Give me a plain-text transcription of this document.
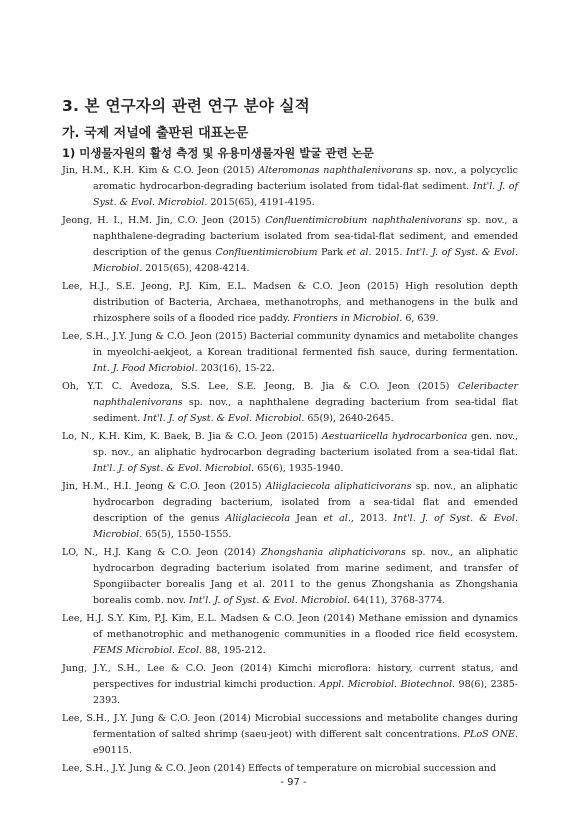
3. 본 연구자의 관련 연구 분야 실적
가. 국제 저널에 출판된 대표논문
1) 미생물자원의 활성 측정 및 유용미생물자원 발굴 관련 논문

Jin, H.M., K.H. Kim & C.O. Jeon (2015) Alteromonas naphthalenivorans sp. nov., a polycyclic aromatic hydrocarbon-degrading bacterium isolated from tidal-flat sediment. Int'l. J. of Syst. & Evol. Microbiol. 2015(65), 4191-4195.

Jeong, H. I., H.M. Jin, C.O. Jeon (2015) Confluentimicrobium naphthalenivorans sp. nov., a naphthalene-degrading bacterium isolated from sea-tidal-flat sediment, and emended description of the genus Confluentimicrobium Park et al. 2015. Int'l. J. of Syst. & Evol. Microbiol. 2015(65), 4208-4214.

Lee, H.J., S.E. Jeong, P.J. Kim, E.L. Madsen & C.O. Jeon (2015) High resolution depth distribution of Bacteria, Archaea, methanotrophs, and methanogens in the bulk and rhizosphere soils of a flooded rice paddy. Frontiers in Microbiol. 6, 639.

Lee, S.H., J.Y. Jung & C.O. Jeon (2015) Bacterial community dynamics and metabolite changes in myeolchi-aekjeot, a Korean traditional fermented fish sauce, during fermentation. Int. J. Food Microbiol. 203(16), 15-22.

Oh, Y.T. C. Avedoza, S.S. Lee, S.E. Jeong, B. Jia & C.O. Jeon (2015) Celeribacter naphthalenivorans sp. nov., a naphthalene degrading bacterium from sea-tidal flat sediment. Int'l. J. of Syst. & Evol. Microbiol. 65(9), 2640-2645.

Lo, N., K.H. Kim, K. Baek, B. Jia & C.O. Jeon (2015) Aestuariicella hydrocarbonica gen. nov., sp. nov., an aliphatic hydrocarbon degrading bacterium isolated from a sea-tidal flat. Int'l. J. of Syst. & Evol. Microbiol. 65(6), 1935-1940.

Jin, H.M., H.I. Jeong & C.O. Jeon (2015) Aliiglaciecola aliphaticivorans sp. nov., an aliphatic hydrocarbon degrading bacterium, isolated from a sea-tidal flat and emended description of the genus Aliiglaciecola Jean et al., 2013. Int'l. J. of Syst. & Evol. Microbiol. 65(5), 1550-1555.

LO, N., H.J. Kang & C.O. Jeon (2014) Zhongshania aliphaticivorans sp. nov., an aliphatic hydrocarbon degrading bacterium isolated from marine sediment, and transfer of Spongiibacter borealis Jang et al. 2011 to the genus Zhongshania as Zhongshania borealis comb. nov. Int'l. J. of Syst. & Evol. Microbiol. 64(11), 3768-3774.

Lee, H.J. S.Y. Kim, P.J. Kim, E.L. Madsen & C.O. Jeon (2014) Methane emission and dynamics of methanotrophic and methanogenic communities in a flooded rice field ecosystem. FEMS Microbiol. Ecol. 88, 195-212.

Jung, J.Y., S.H., Lee & C.O. Jeon (2014) Kimchi microflora: history, current status, and perspectives for industrial kimchi production. Appl. Microbiol. Biotechnol. 98(6), 2385-2393.

Lee, S.H., J.Y. Jung & C.O. Jeon (2014) Microbial successions and metabolite changes during fermentation of salted shrimp (saeu-jeot) with different salt concentrations. PLoS ONE. e90115.

Lee, S.H., J.Y. Jung & C.O. Jeon (2014) Effects of temperature on microbial succession and

- 97 -
